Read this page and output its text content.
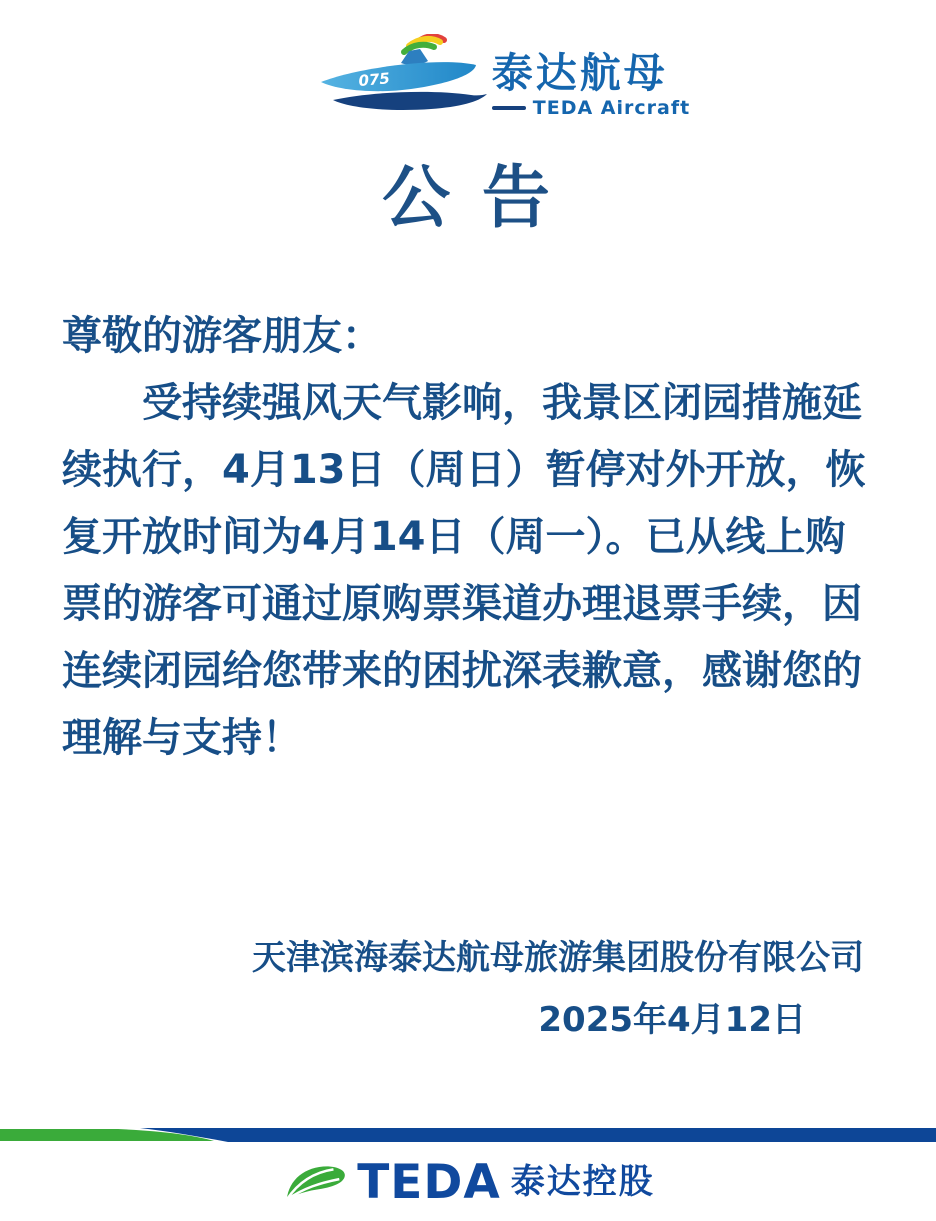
075 泰达航母
TEDA Aircraft
公 告

尊敬的游客朋友：

受持续强风天气影响，我景区闭园措施延续执行，4月13日（周日）暂停对外开放，恢复开放时间为4月14日（周一）。已从线上购票的游客可通过原购票渠道办理退票手续，因连续闭园给您带来的困扰深表歉意，感谢您的理解与支持！

天津滨海泰达航母旅游集团股份有限公司
2025年4月12日
TEDA 泰达控股
